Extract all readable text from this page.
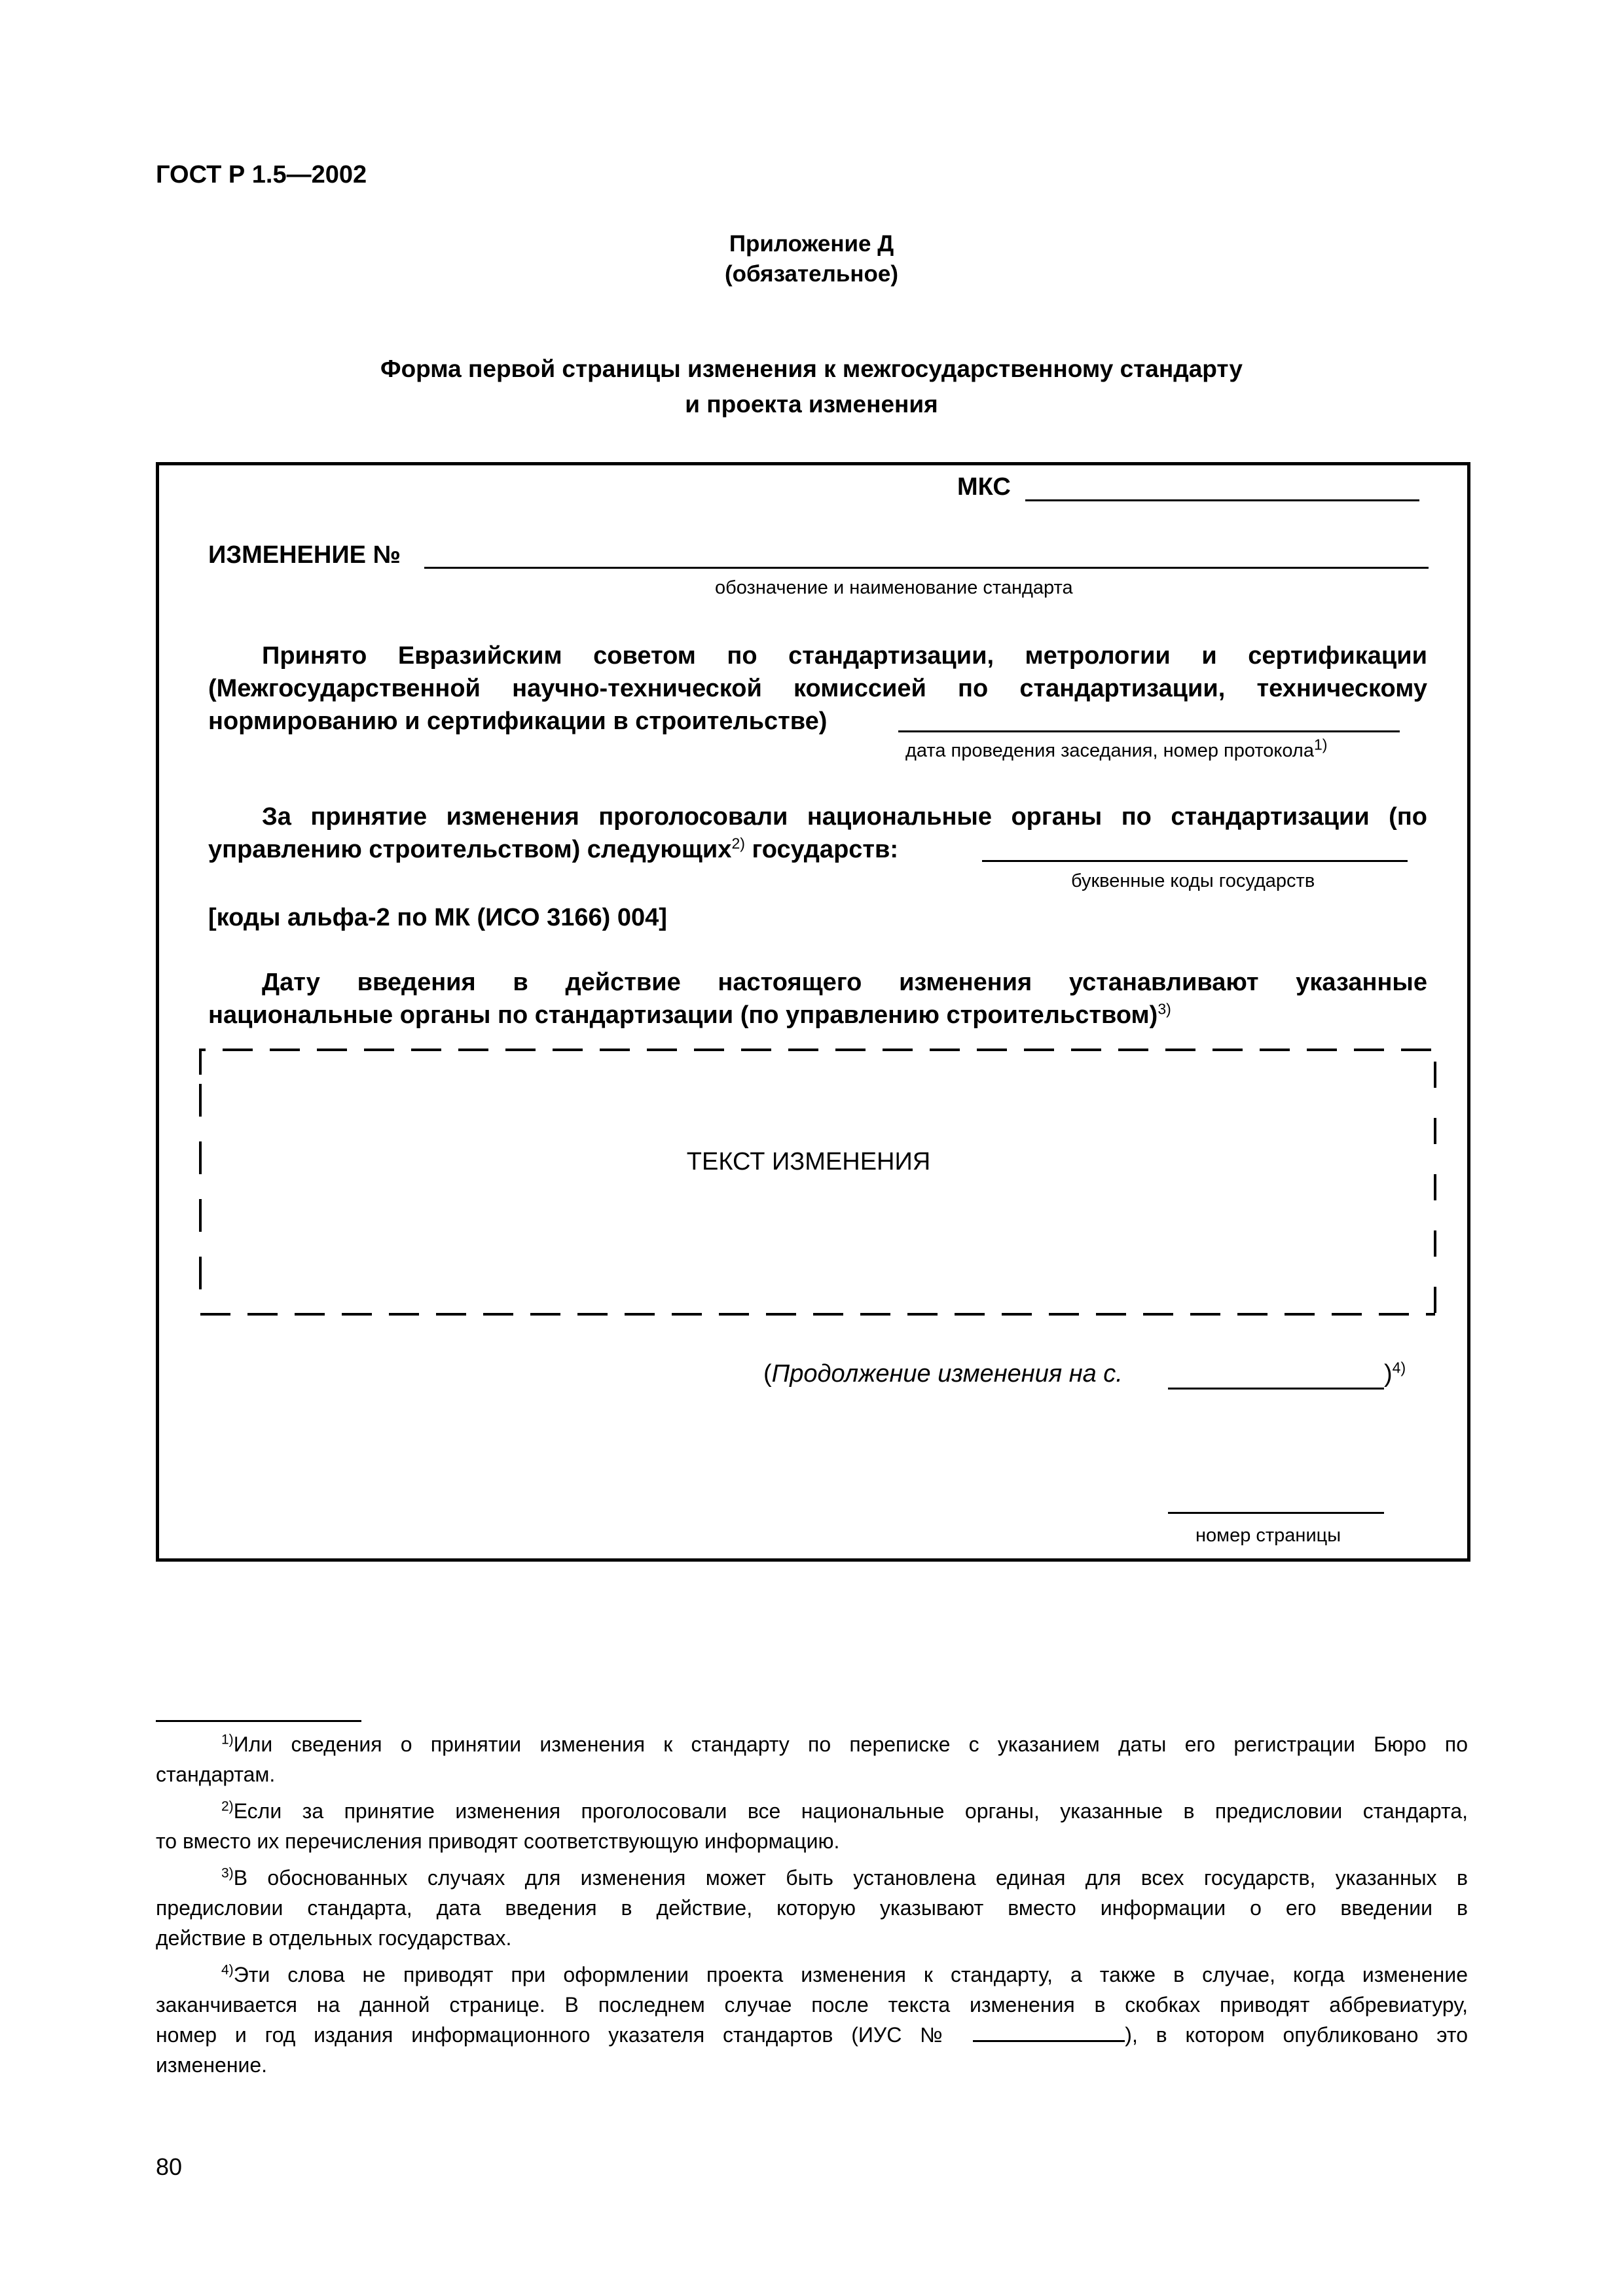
ГОСТ Р 1.5—2002
Приложение Д
(обязательное)
Форма первой страницы изменения к межгосударственному стандарту
и проекта изменения
МКС
ИЗМЕНЕНИЕ №
обозначение и наименование стандарта
Принято Евразийским советом по стандартизации, метрологии и сертификации
(Межгосударственной научно-технической комиссией по стандартизации, техническому
нормированию и сертификации в строительстве)
дата проведения заседания, номер протокола$^{1)}$
За принятие изменения проголосовали национальные органы по стандартизации (по
управлению строительством) следующих$^{2)}$ государств:
буквенные коды государств
[коды альфа-2 по МК (ИСО 3166) 004]
Дату введения в действие настоящего изменения устанавливают указанные
национальные органы по стандартизации (по управлению строительством)$^{3)}$
ТЕКСТ ИЗМЕНЕНИЯ
(Продолжение изменения на с.	)$^{4)}$
номер страницы
$^{1)}$Или сведения о принятии изменения к стандарту по переписке с указанием даты его регистрации Бюро по
стандартам.
$^{2)}$Если за принятие изменения проголосовали все национальные органы, указанные в предисловии стандарта,
то вместо их перечисления приводят соответствующую информацию.
$^{3)}$В обоснованных случаях для изменения может быть установлена единая для всех государств, указанных в
предисловии стандарта, дата введения в действие, которую указывают вместо информации о его введении в
действие в отдельных государствах.
$^{4)}$Эти слова не приводят при оформлении проекта изменения к стандарту, а также в случае, когда изменение
заканчивается на данной странице. В последнем случае после текста изменения в скобках приводят аббревиатуру,
номер и год издания информационного указателя стандартов (ИУС №	), в котором опубликовано это
изменение.
80
